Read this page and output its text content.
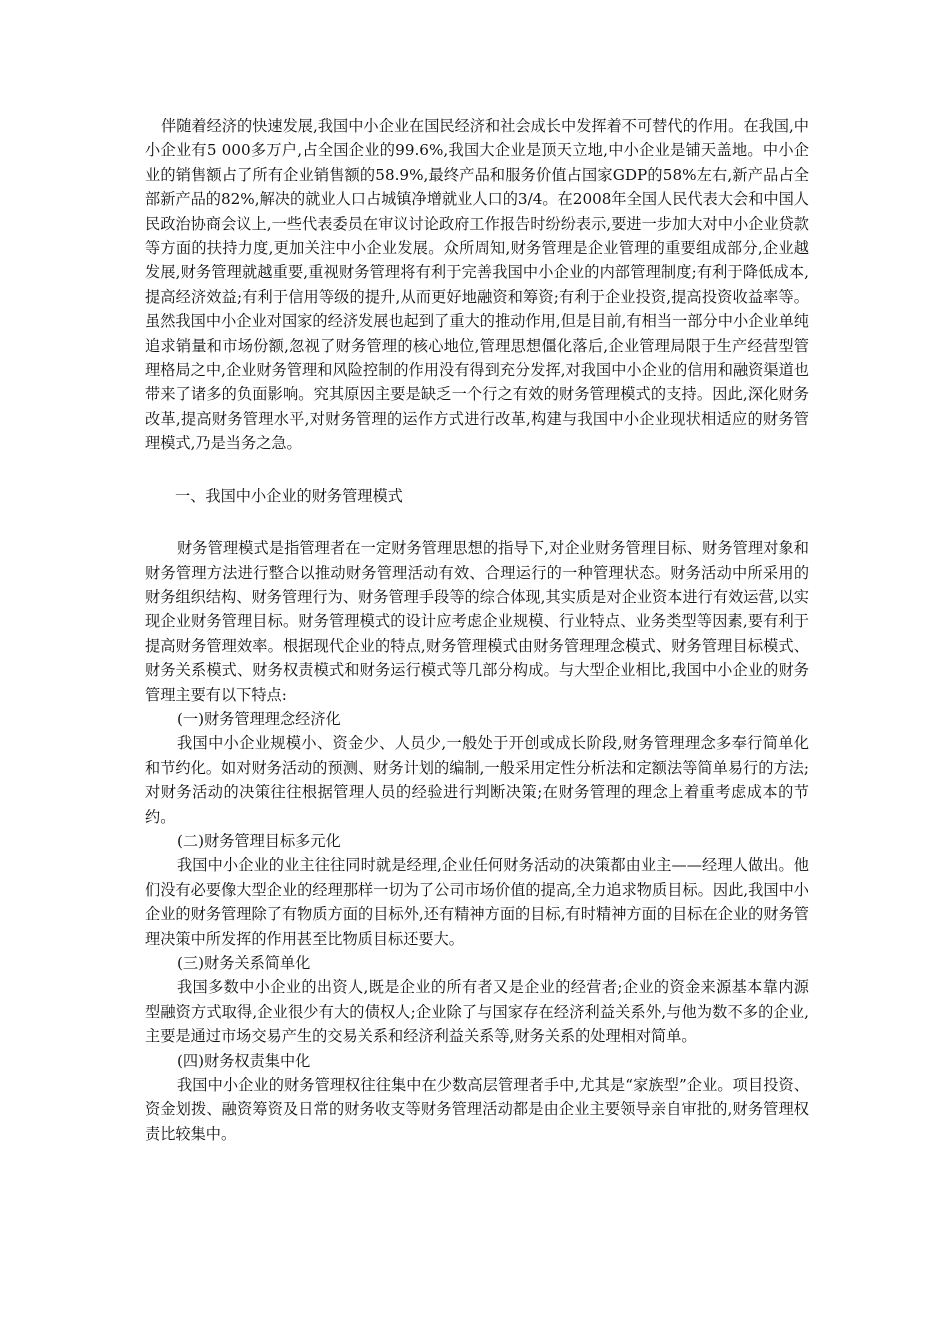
伴随着经济的快速发展,我国中小企业在国民经济和社会成长中发挥着不可替代的作用。在我国,中小企业有5 000多万户,占全国企业的99.6%,我国大企业是顶天立地,中小企业是铺天盖地。中小企业的销售额占了所有企业销售额的58.9%,最终产品和服务价值占国家GDP的58%左右,新产品占全部新产品的82%,解决的就业人口占城镇净增就业人口的3/4。在2008年全国人民代表大会和中国人民政治协商会议上,一些代表委员在审议讨论政府工作报告时纷纷表示,要进一步加大对中小企业贷款等方面的扶持力度,更加关注中小企业发展。众所周知,财务管理是企业管理的重要组成部分,企业越发展,财务管理就越重要,重视财务管理将有利于完善我国中小企业的内部管理制度;有利于降低成本,提高经济效益;有利于信用等级的提升,从而更好地融资和筹资;有利于企业投资,提高投资收益率等。虽然我国中小企业对国家的经济发展也起到了重大的推动作用,但是目前,有相当一部分中小企业单纯追求销量和市场份额,忽视了财务管理的核心地位,管理思想僵化落后,企业管理局限于生产经营型管理格局之中,企业财务管理和风险控制的作用没有得到充分发挥,对我国中小企业的信用和融资渠道也带来了诸多的负面影响。究其原因主要是缺乏一个行之有效的财务管理模式的支持。因此,深化财务改革,提高财务管理水平,对财务管理的运作方式进行改革,构建与我国中小企业现状相适应的财务管理模式,乃是当务之急。

一、我国中小企业的财务管理模式

财务管理模式是指管理者在一定财务管理思想的指导下,对企业财务管理目标、财务管理对象和财务管理方法进行整合以推动财务管理活动有效、合理运行的一种管理状态。财务活动中所采用的财务组织结构、财务管理行为、财务管理手段等的综合体现,其实质是对企业资本进行有效运营,以实现企业财务管理目标。财务管理模式的设计应考虑企业规模、行业特点、业务类型等因素,要有利于提高财务管理效率。根据现代企业的特点,财务管理模式由财务管理理念模式、财务管理目标模式、财务关系模式、财务权责模式和财务运行模式等几部分构成。与大型企业相比,我国中小企业的财务管理主要有以下特点:

(一)财务管理理念经济化

我国中小企业规模小、资金少、人员少,一般处于开创或成长阶段,财务管理理念多奉行简单化和节约化。如对财务活动的预测、财务计划的编制,一般采用定性分析法和定额法等简单易行的方法;对财务活动的决策往往根据管理人员的经验进行判断决策;在财务管理的理念上着重考虑成本的节约。

(二)财务管理目标多元化

我国中小企业的业主往往同时就是经理,企业任何财务活动的决策都由业主——经理人做出。他们没有必要像大型企业的经理那样一切为了公司市场价值的提高,全力追求物质目标。因此,我国中小企业的财务管理除了有物质方面的目标外,还有精神方面的目标,有时精神方面的目标在企业的财务管理决策中所发挥的作用甚至比物质目标还要大。

(三)财务关系简单化

我国多数中小企业的出资人,既是企业的所有者又是企业的经营者;企业的资金来源基本靠内源型融资方式取得,企业很少有大的债权人;企业除了与国家存在经济利益关系外,与他为数不多的企业,主要是通过市场交易产生的交易关系和经济利益关系等,财务关系的处理相对简单。

(四)财务权责集中化

我国中小企业的财务管理权往往集中在少数高层管理者手中,尤其是“家族型”企业。项目投资、资金划拨、融资筹资及日常的财务收支等财务管理活动都是由企业主要领导亲自审批的,财务管理权责比较集中。
